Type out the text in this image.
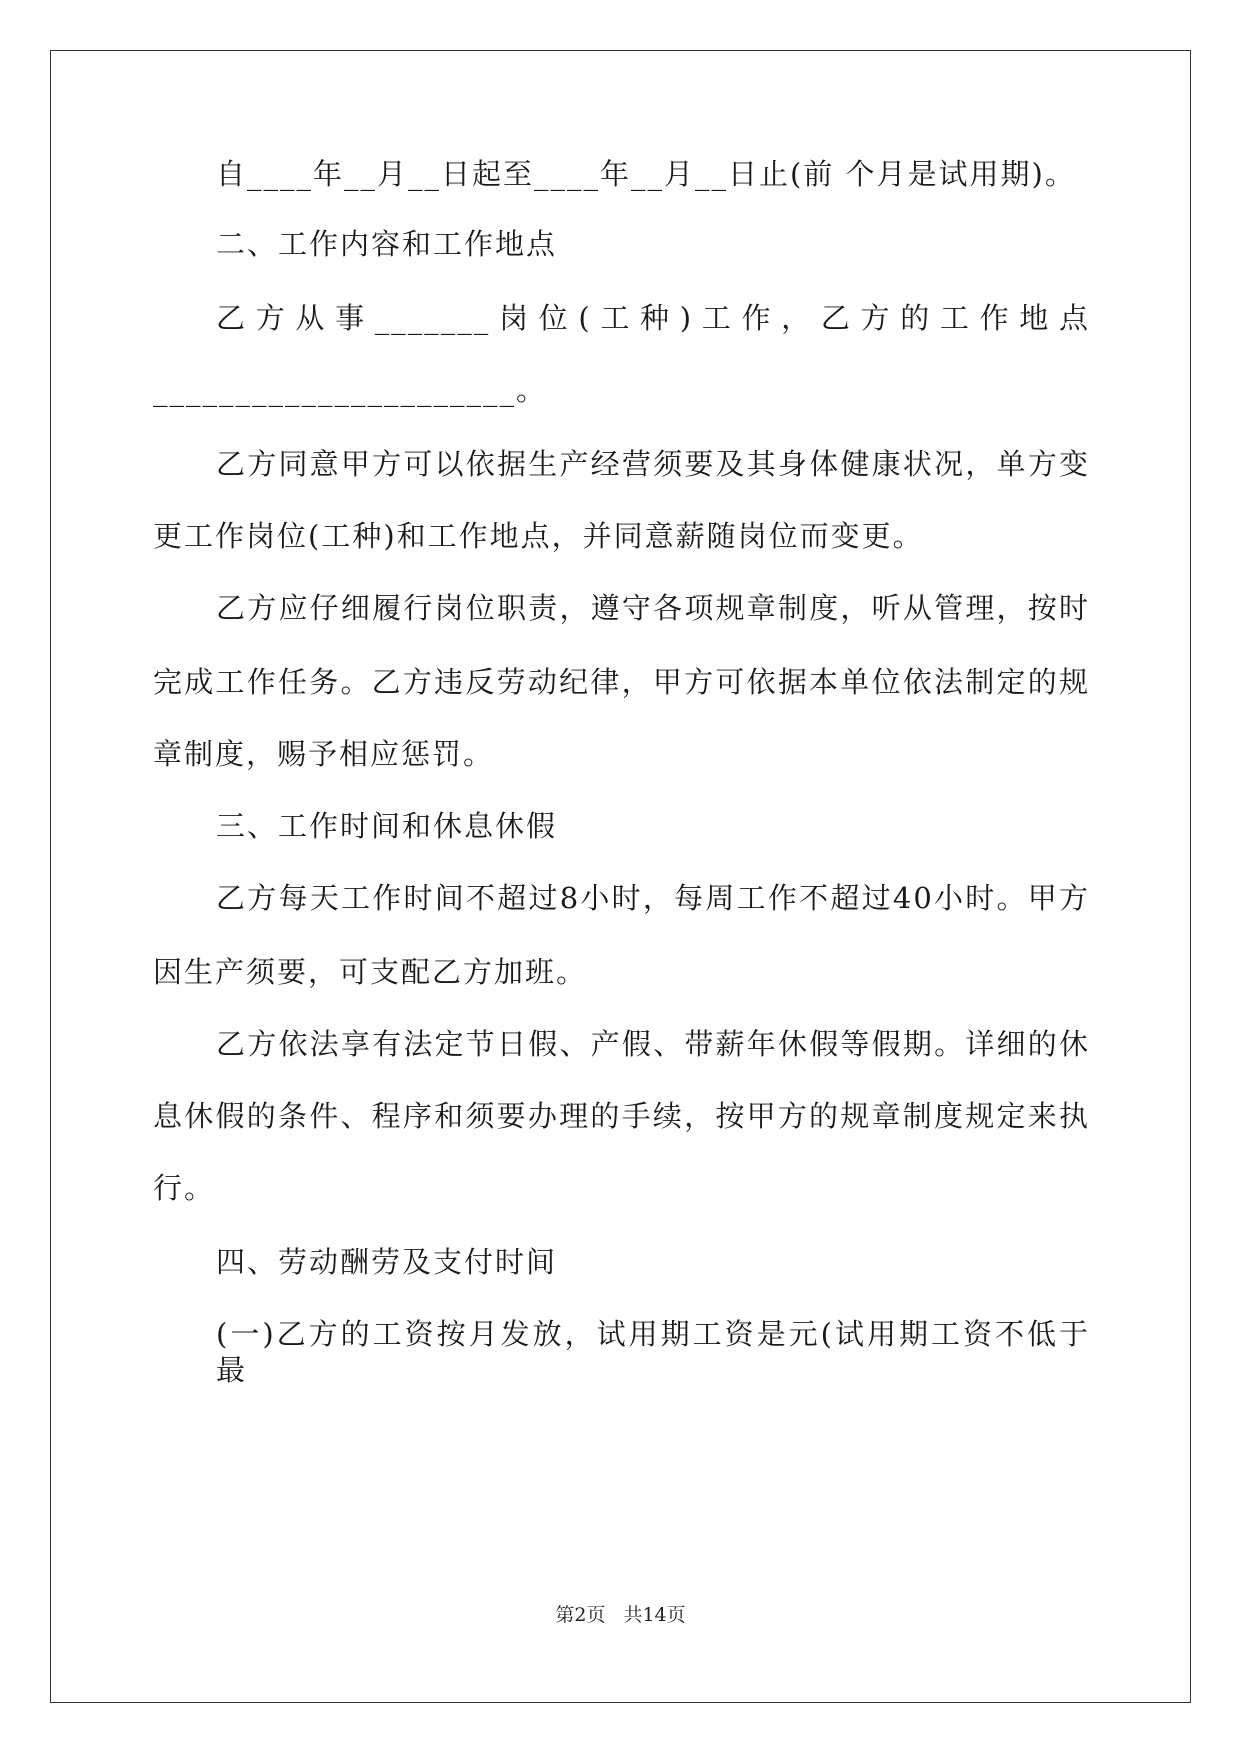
自____年__月__日起至____年__月__日止(前 个月是试用期)。
二、工作内容和工作地点
乙方从事_______岗位(工种)工作，乙方的工作地点
______________________。
乙方同意甲方可以依据生产经营须要及其身体健康状况，单方变
更工作岗位(工种)和工作地点，并同意薪随岗位而变更。
乙方应仔细履行岗位职责，遵守各项规章制度，听从管理，按时
完成工作任务。乙方违反劳动纪律，甲方可依据本单位依法制定的规
章制度，赐予相应惩罚。
三、工作时间和休息休假
乙方每天工作时间不超过8小时，每周工作不超过40小时。甲方
因生产须要，可支配乙方加班。
乙方依法享有法定节日假、产假、带薪年休假等假期。详细的休
息休假的条件、程序和须要办理的手续，按甲方的规章制度规定来执
行。
四、劳动酬劳及支付时间
(一)乙方的工资按月发放，试用期工资是元(试用期工资不低于最
第2页 共14页
